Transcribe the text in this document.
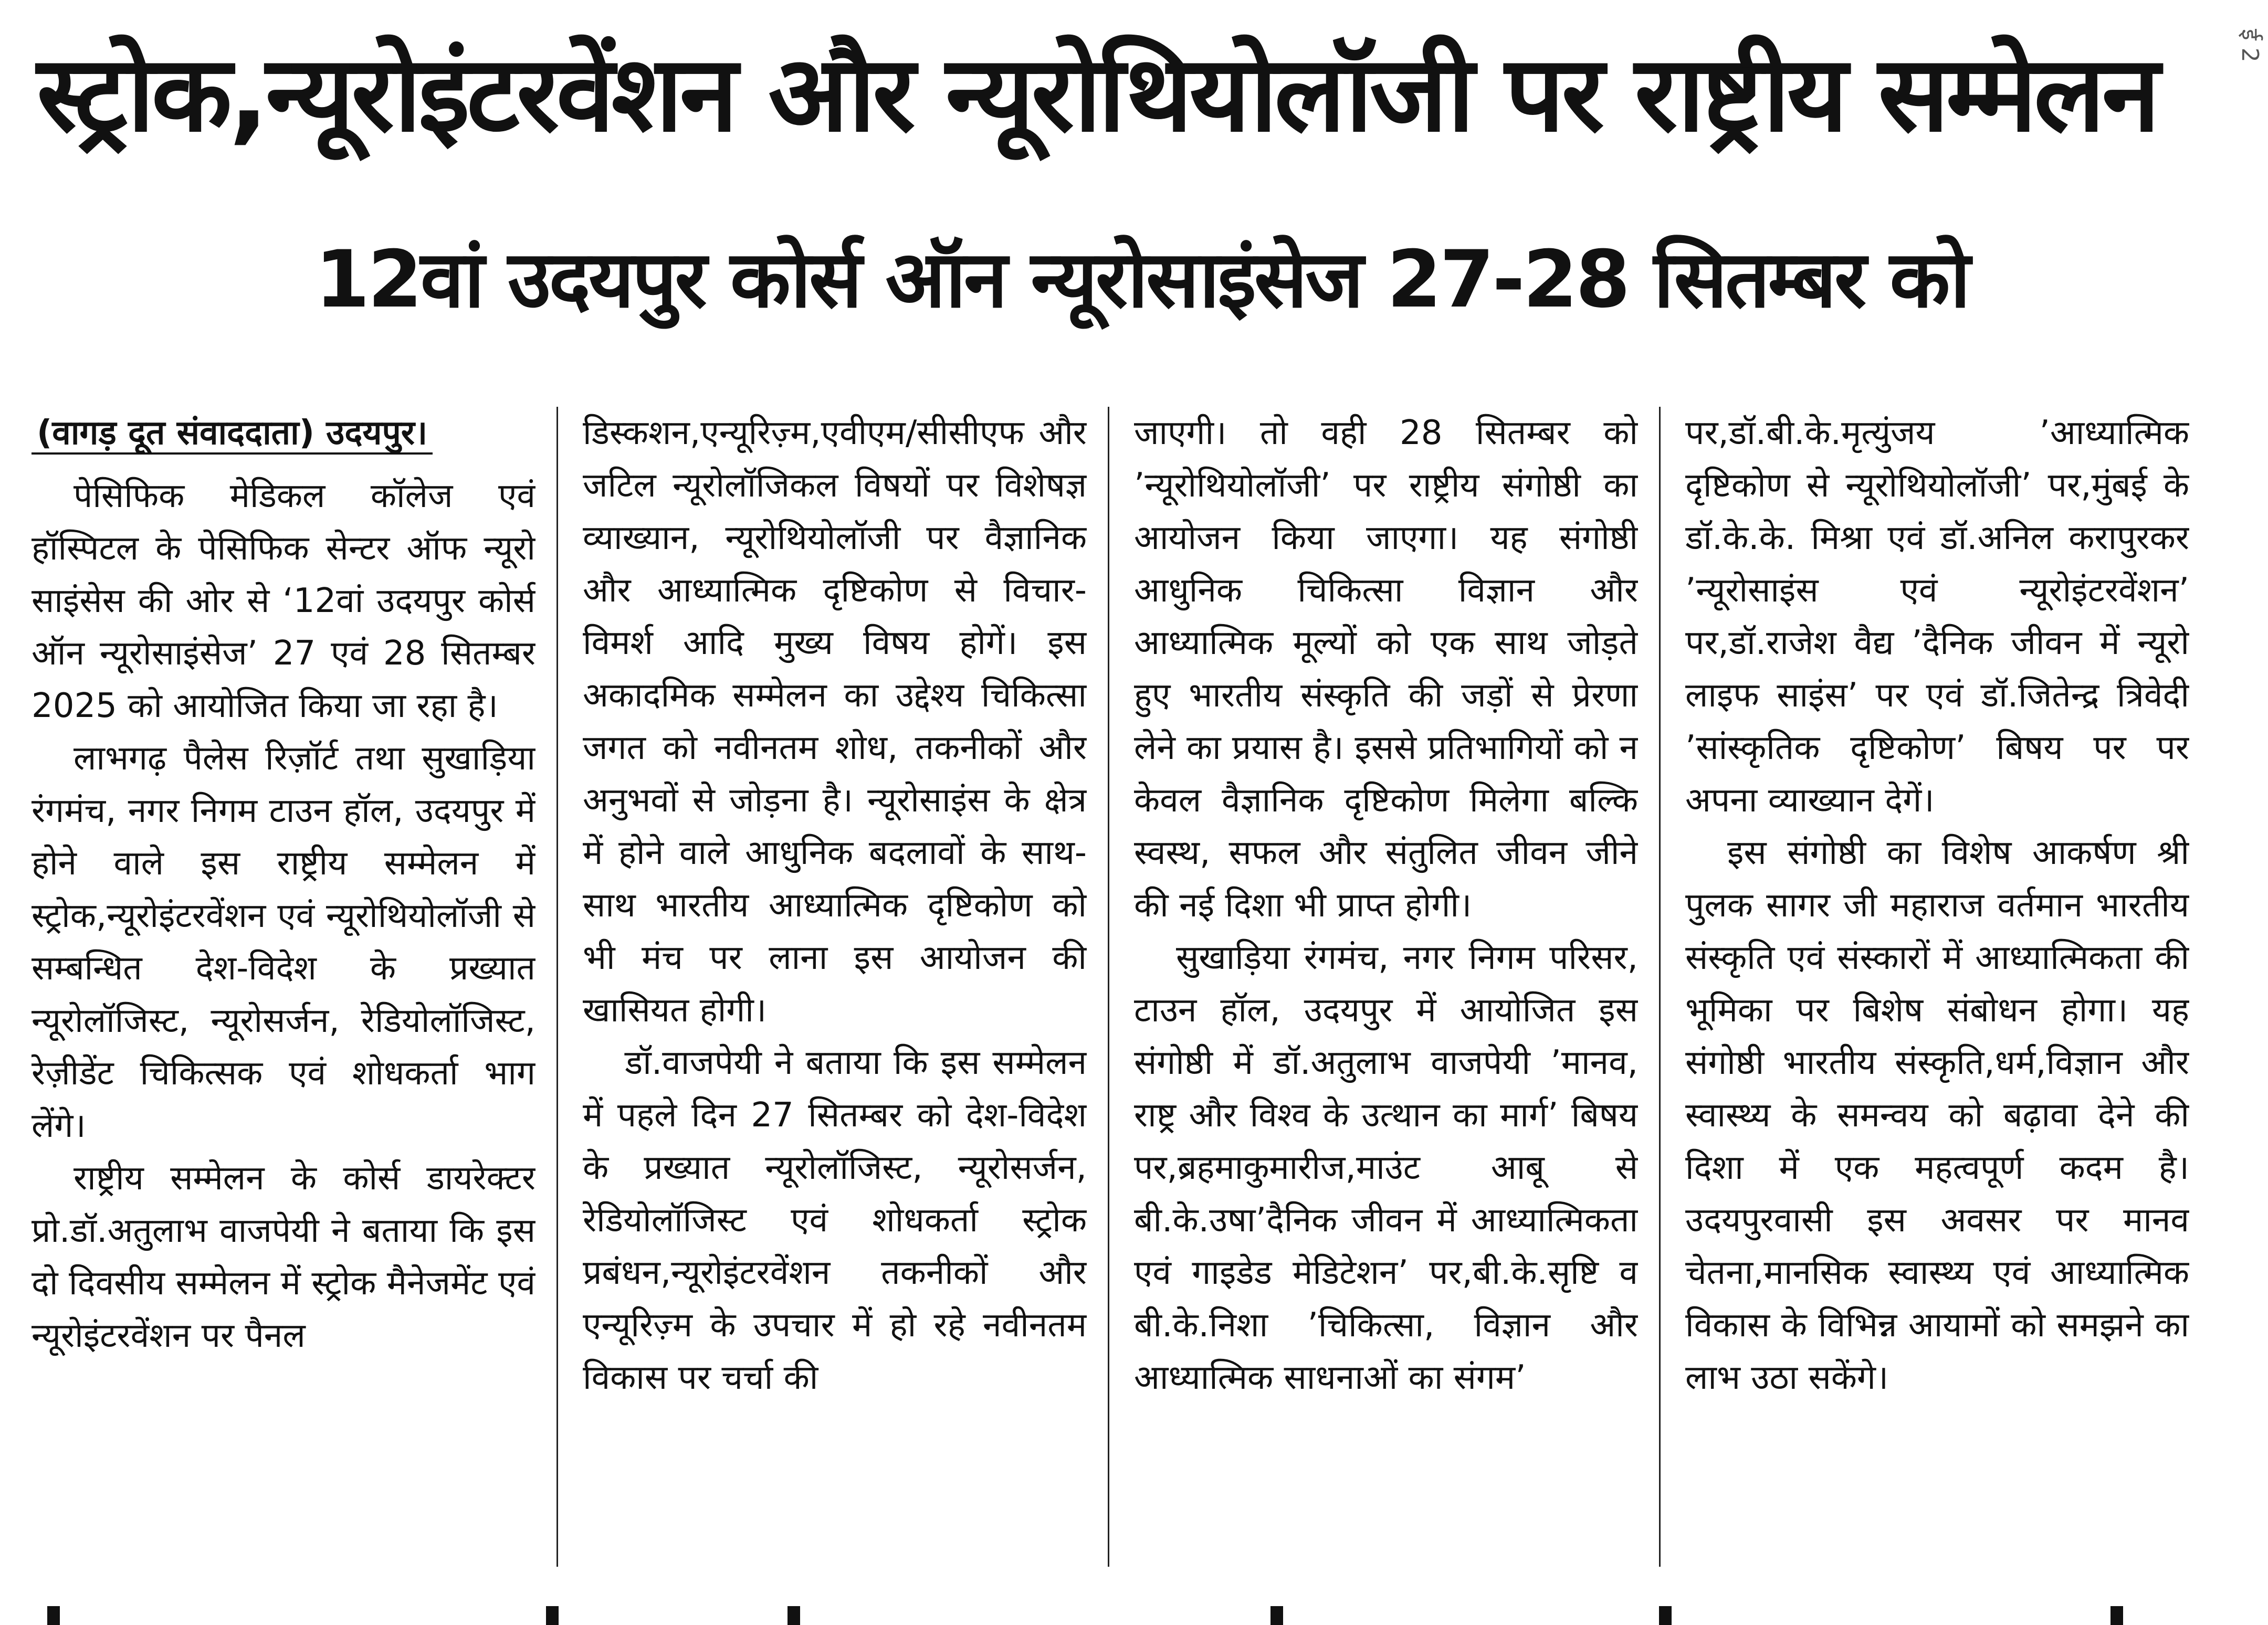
स्ट्रोक,न्यूरोइंटरवेंशन और न्यूरोथियोलॉजी पर राष्ट्रीय सम्मेलन
12वां उदयपुर कोर्स ऑन न्यूरोसाइंसेज 27-28 सितम्बर को
ई 2

(वागड़ दूत संवाददाता) उदयपुर।

पेसिफिक मेडिकल कॉलेज एवं हॉस्पिटल के पेसिफिक सेन्टर ऑफ न्यूरो साइंसेस की ओर से ‘12वां उदयपुर कोर्स ऑन न्यूरोसाइंसेज’ 27 एवं 28 सितम्बर 2025 को आयोजित किया जा रहा है।

लाभगढ़ पैलेस रिज़ॉर्ट तथा सुखाड़िया रंगमंच, नगर निगम टाउन हॉल, उदयपुर में होने वाले इस राष्ट्रीय सम्मेलन में स्ट्रोक,न्यूरोइंटरवेंशन एवं न्यूरोथियोलॉजी से सम्बन्धित देश-विदेश के प्रख्यात न्यूरोलॉजिस्ट, न्यूरोसर्जन, रेडियोलॉजिस्ट, रेज़ीडेंट चिकित्सक एवं शोधकर्ता भाग लेंगे।

राष्ट्रीय सम्मेलन के कोर्स डायरेक्टर प्रो.डॉ.अतुलाभ वाजपेयी ने बताया कि इस दो दिवसीय सम्मेलन में स्ट्रोक मैनेजमेंट एवं न्यूरोइंटरवेंशन पर पैनल

डिस्कशन,एन्यूरिज़्म,एवीएम/सीसीएफ और जटिल न्यूरोलॉजिकल विषयों पर विशेषज्ञ व्याख्यान, न्यूरोथियोलॉजी पर वैज्ञानिक और आध्यात्मिक दृष्टिकोण से विचार-विमर्श आदि मुख्य विषय होगें। इस अकादमिक सम्मेलन का उद्देश्य चिकित्सा जगत को नवीनतम शोध, तकनीकों और अनुभवों से जोड़ना है। न्यूरोसाइंस के क्षेत्र में होने वाले आधुनिक बदलावों के साथ-साथ भारतीय आध्यात्मिक दृष्टिकोण को भी मंच पर लाना इस आयोजन की खासियत होगी।

डॉ.वाजपेयी ने बताया कि इस सम्मेलन में पहले दिन 27 सितम्बर को देश-विदेश के प्रख्यात न्यूरोलॉजिस्ट, न्यूरोसर्जन, रेडियोलॉजिस्ट एवं शोधकर्ता स्ट्रोक प्रबंधन,न्यूरोइंटरवेंशन तकनीकों और एन्यूरिज़्म के उपचार में हो रहे नवीनतम विकास पर चर्चा की

जाएगी। तो वही 28 सितम्बर को ’न्यूरोथियोलॉजी’ पर राष्ट्रीय संगोष्ठी का आयोजन किया जाएगा। यह संगोष्ठी आधुनिक चिकित्सा विज्ञान और आध्यात्मिक मूल्यों को एक साथ जोड़ते हुए भारतीय संस्कृति की जड़ों से प्रेरणा लेने का प्रयास है। इससे प्रतिभागियों को न केवल वैज्ञानिक दृष्टिकोण मिलेगा बल्कि स्वस्थ, सफल और संतुलित जीवन जीने की नई दिशा भी प्राप्त होगी।

सुखाड़िया रंगमंच, नगर निगम परिसर, टाउन हॉल, उदयपुर में आयोजित इस संगोष्ठी में डॉ.अतुलाभ वाजपेयी ’मानव, राष्ट्र और विश्व के उत्थान का मार्ग’ बिषय पर,ब्रहमाकुमारीज,माउंट आबू से बी.के.उषा’दैनिक जीवन में आध्यात्मिकता एवं गाइडेड मेडिटेशन’ पर,बी.के.सृष्टि व बी.के.निशा ’चिकित्सा, विज्ञान और आध्यात्मिक साधनाओं का संगम’

पर,डॉ.बी.के.मृत्युंजय ’आध्यात्मिक दृष्टिकोण से न्यूरोथियोलॉजी’ पर,मुंबई के डॉ.के.के. मिश्रा एवं डॉ.अनिल करापुरकर ’न्यूरोसाइंस एवं न्यूरोइंटरवेंशन’ पर,डॉ.राजेश वैद्य ’दैनिक जीवन में न्यूरो लाइफ साइंस’ पर एवं डॉ.जितेन्द्र त्रिवेदी ’सांस्कृतिक दृष्टिकोण’ बिषय पर पर अपना व्याख्यान देगें।

इस संगोष्ठी का विशेष आकर्षण श्री पुलक सागर जी महाराज वर्तमान भारतीय संस्कृति एवं संस्कारों में आध्यात्मिकता की भूमिका पर बिशेष संबोधन होगा। यह संगोष्ठी भारतीय संस्कृति,धर्म,विज्ञान और स्वास्थ्य के समन्वय को बढ़ावा देने की दिशा में एक महत्वपूर्ण कदम है। उदयपुरवासी इस अवसर पर मानव चेतना,मानसिक स्वास्थ्य एवं आध्यात्मिक विकास के विभिन्न आयामों को समझने का लाभ उठा सकेंगे।
